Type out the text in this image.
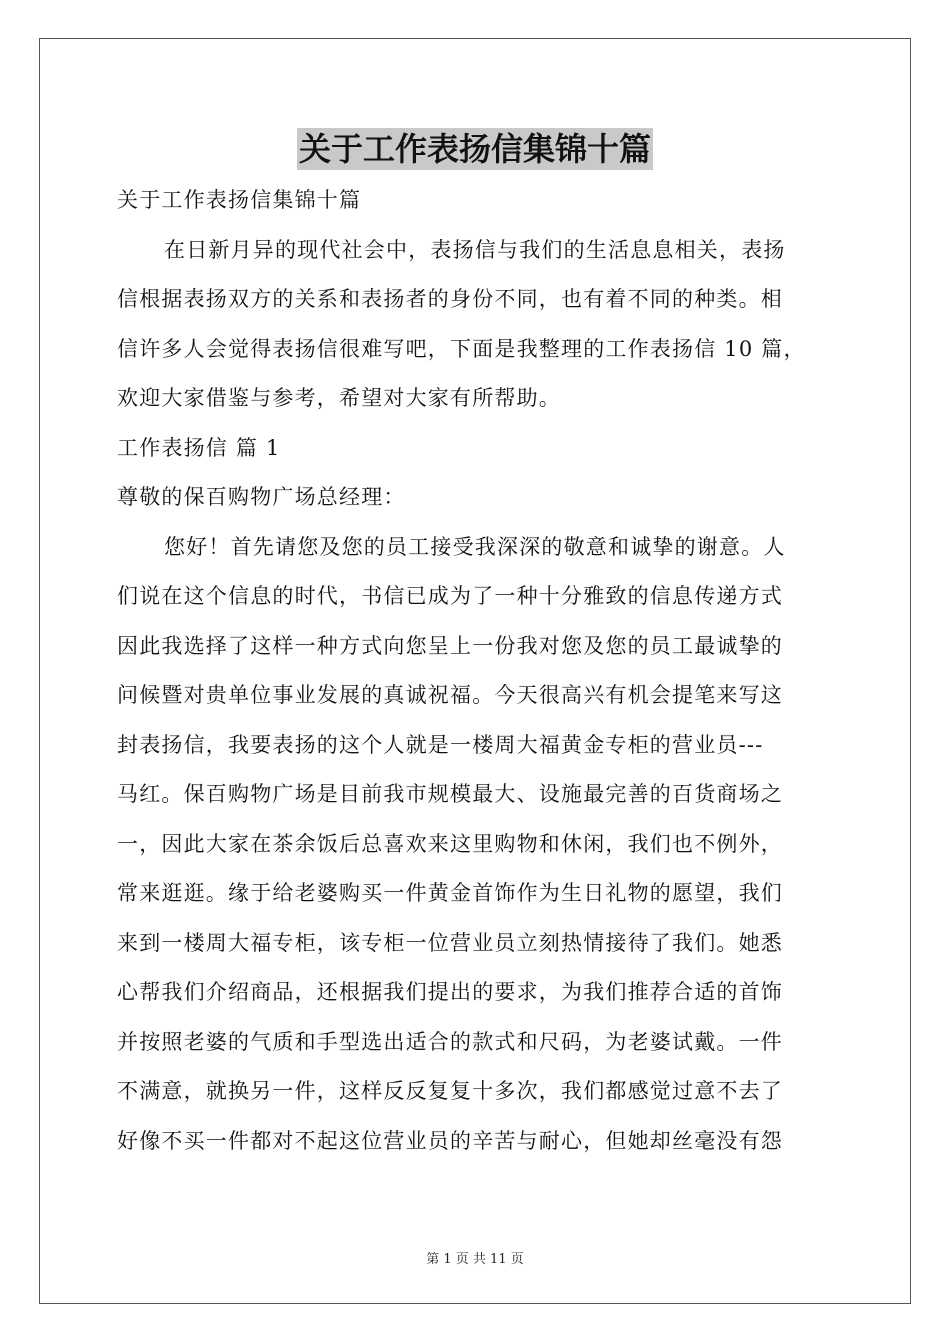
关于工作表扬信集锦十篇
关于工作表扬信集锦十篇
在日新月异的现代社会中，表扬信与我们的生活息息相关，表扬
信根据表扬双方的关系和表扬者的身份不同，也有着不同的种类。相
信许多人会觉得表扬信很难写吧，下面是我整理的工作表扬信 10 篇，
欢迎大家借鉴与参考，希望对大家有所帮助。
工作表扬信 篇 1
尊敬的保百购物广场总经理：
您好！首先请您及您的员工接受我深深的敬意和诚挚的谢意。人
们说在这个信息的时代，书信已成为了一种十分雅致的信息传递方式
因此我选择了这样一种方式向您呈上一份我对您及您的员工最诚挚的
问候暨对贵单位事业发展的真诚祝福。今天很高兴有机会提笔来写这
封表扬信，我要表扬的这个人就是一楼周大福黄金专柜的营业员---
马红。保百购物广场是目前我市规模最大、设施最完善的百货商场之
一，因此大家在茶余饭后总喜欢来这里购物和休闲，我们也不例外，
常来逛逛。缘于给老婆购买一件黄金首饰作为生日礼物的愿望，我们
来到一楼周大福专柜，该专柜一位营业员立刻热情接待了我们。她悉
心帮我们介绍商品，还根据我们提出的要求，为我们推荐合适的首饰
并按照老婆的气质和手型选出适合的款式和尺码，为老婆试戴。一件
不满意，就换另一件，这样反反复复十多次，我们都感觉过意不去了
好像不买一件都对不起这位营业员的辛苦与耐心，但她却丝毫没有怨
第 1 页 共 11 页
